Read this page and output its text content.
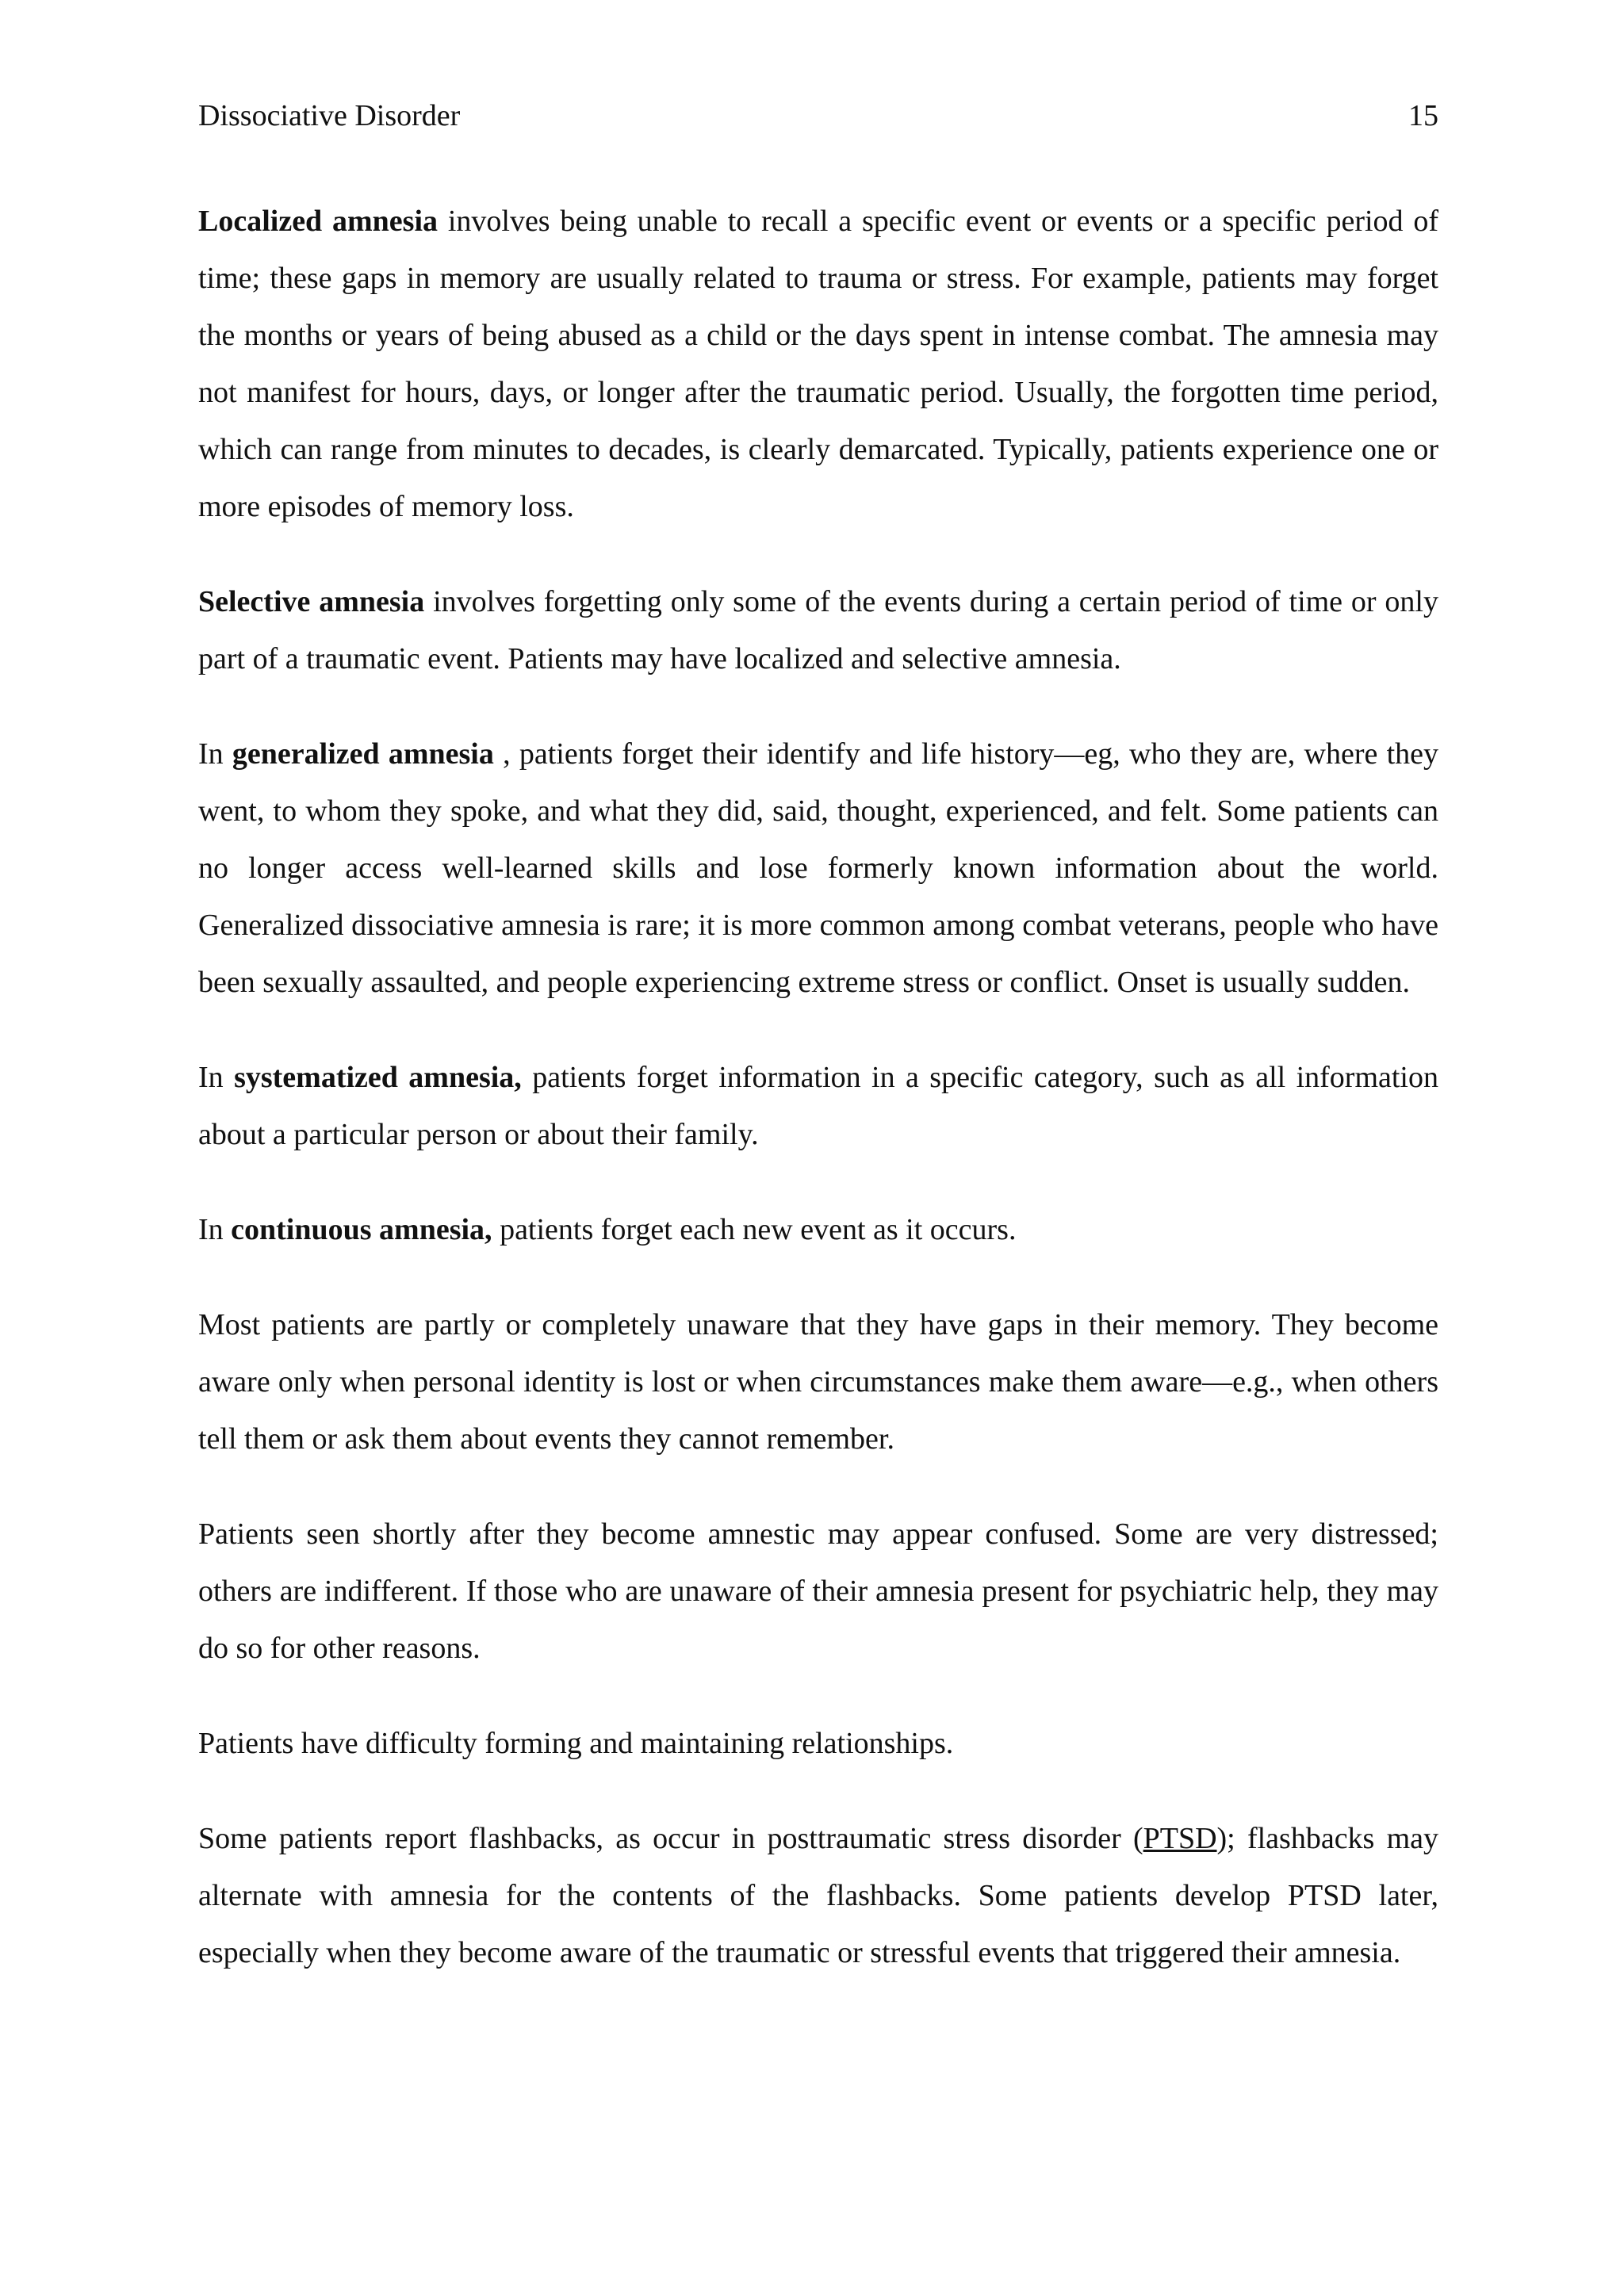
Dissociative Disorder	15

Localized amnesia involves being unable to recall a specific event or events or a specific period of time; these gaps in memory are usually related to trauma or stress. For example, patients may forget the months or years of being abused as a child or the days spent in intense combat. The amnesia may not manifest for hours, days, or longer after the traumatic period. Usually, the forgotten time period, which can range from minutes to decades, is clearly demarcated. Typically, patients experience one or more episodes of memory loss.

Selective amnesia involves forgetting only some of the events during a certain period of time or only part of a traumatic event. Patients may have localized and selective amnesia.

In generalized amnesia , patients forget their identify and life history—eg, who they are, where they went, to whom they spoke, and what they did, said, thought, experienced, and felt. Some patients can no longer access well-learned skills and lose formerly known information about the world. Generalized dissociative amnesia is rare; it is more common among combat veterans, people who have been sexually assaulted, and people experiencing extreme stress or conflict. Onset is usually sudden.

In systematized amnesia, patients forget information in a specific category, such as all information about a particular person or about their family.

In continuous amnesia, patients forget each new event as it occurs.

Most patients are partly or completely unaware that they have gaps in their memory. They become aware only when personal identity is lost or when circumstances make them aware—e.g., when others tell them or ask them about events they cannot remember.

Patients seen shortly after they become amnestic may appear confused. Some are very distressed; others are indifferent. If those who are unaware of their amnesia present for psychiatric help, they may do so for other reasons.

Patients have difficulty forming and maintaining relationships.

Some patients report flashbacks, as occur in posttraumatic stress disorder (PTSD); flashbacks may alternate with amnesia for the contents of the flashbacks. Some patients develop PTSD later, especially when they become aware of the traumatic or stressful events that triggered their amnesia.
